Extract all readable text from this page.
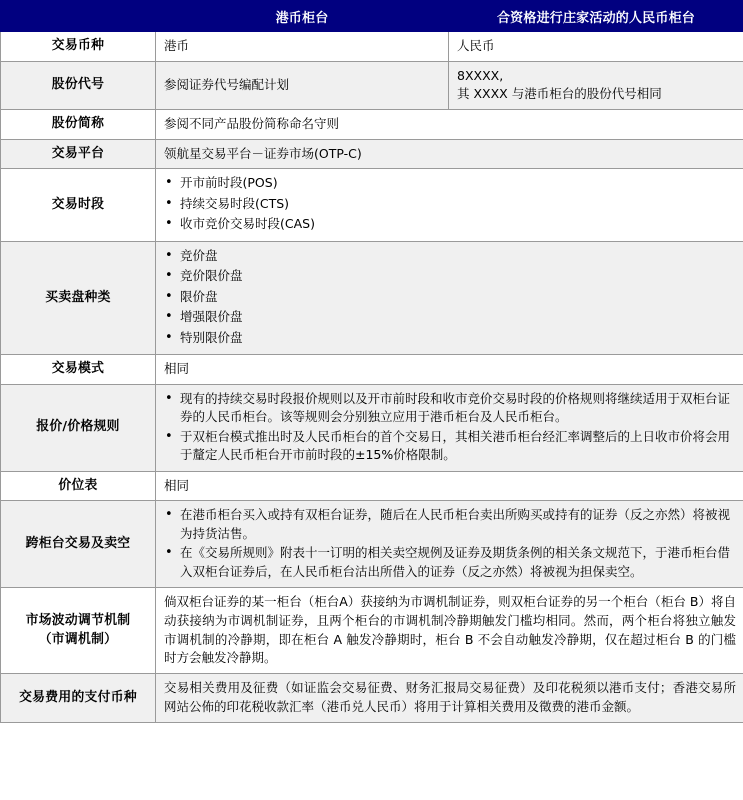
	港币柜台	合资格进行庄家活动的人民币柜台
交易币种	港币	人民币
股份代号	参阅证券代号编配计划	8XXXX,
其 XXXX 与港币柜台的股份代号相同

股份简称	参阅不同产品股份简称命名守则	
交易平台	领航星交易平台－证券市场(OTP-C)	
交易时段	
• 开市前时段(POS)
• 持续交易时段(CTS)
• 收市竞价交易时段(CAS)

买卖盘种类	
• 竞价盘
• 竞价限价盘
• 限价盘
• 增强限价盘
• 特别限价盘

交易模式	相同	
报价/价格规则	
• 现有的持续交易时段报价规则以及开市前时段和收市竞价交易时段的价格规则将继续适用于双柜台证券的人民币柜台。该等规则会分别独立应用于港币柜台及人民币柜台。
• 于双柜台模式推出时及人民币柜台的首个交易日，其相关港币柜台经汇率调整后的上日收市价将会用于釐定人民币柜台开市前时段的±15%价格限制。

价位表	相同	
跨柜台交易及卖空	
• 在港币柜台买入或持有双柜台证券，随后在人民币柜台卖出所购买或持有的证券（反之亦然）将被视为持货沽售。
• 在《交易所规则》附表十一订明的相关卖空规例及证券及期货条例的相关条文规范下，于港币柜台借入双柜台证券后，在人民币柜台沽出所借入的证券（反之亦然）将被视为担保卖空。

市场波动调节机制
（市调机制）	倘双柜台证券的某一柜台（柜台A）获接纳为市调机制证券，则双柜台证券的另一个柜台（柜台 B）将自动获接纳为市调机制证券，且两个柜台的市调机制冷静期触发门槛均相同。然而，两个柜台将独立触发市调机制的冷静期，即在柜台 A 触发冷静期时，柜台 B 不会自动触发冷静期，仅在超过柜台 B 的门槛时方会触发冷静期。	

交易费用的支付币种	交易相关费用及征费（如证监会交易征费、财务汇报局交易征费）及印花税须以港币支付；香港交易所网站公佈的印花税收款汇率（港币兑人民币）将用于计算相关费用及徵费的港币金额。	
